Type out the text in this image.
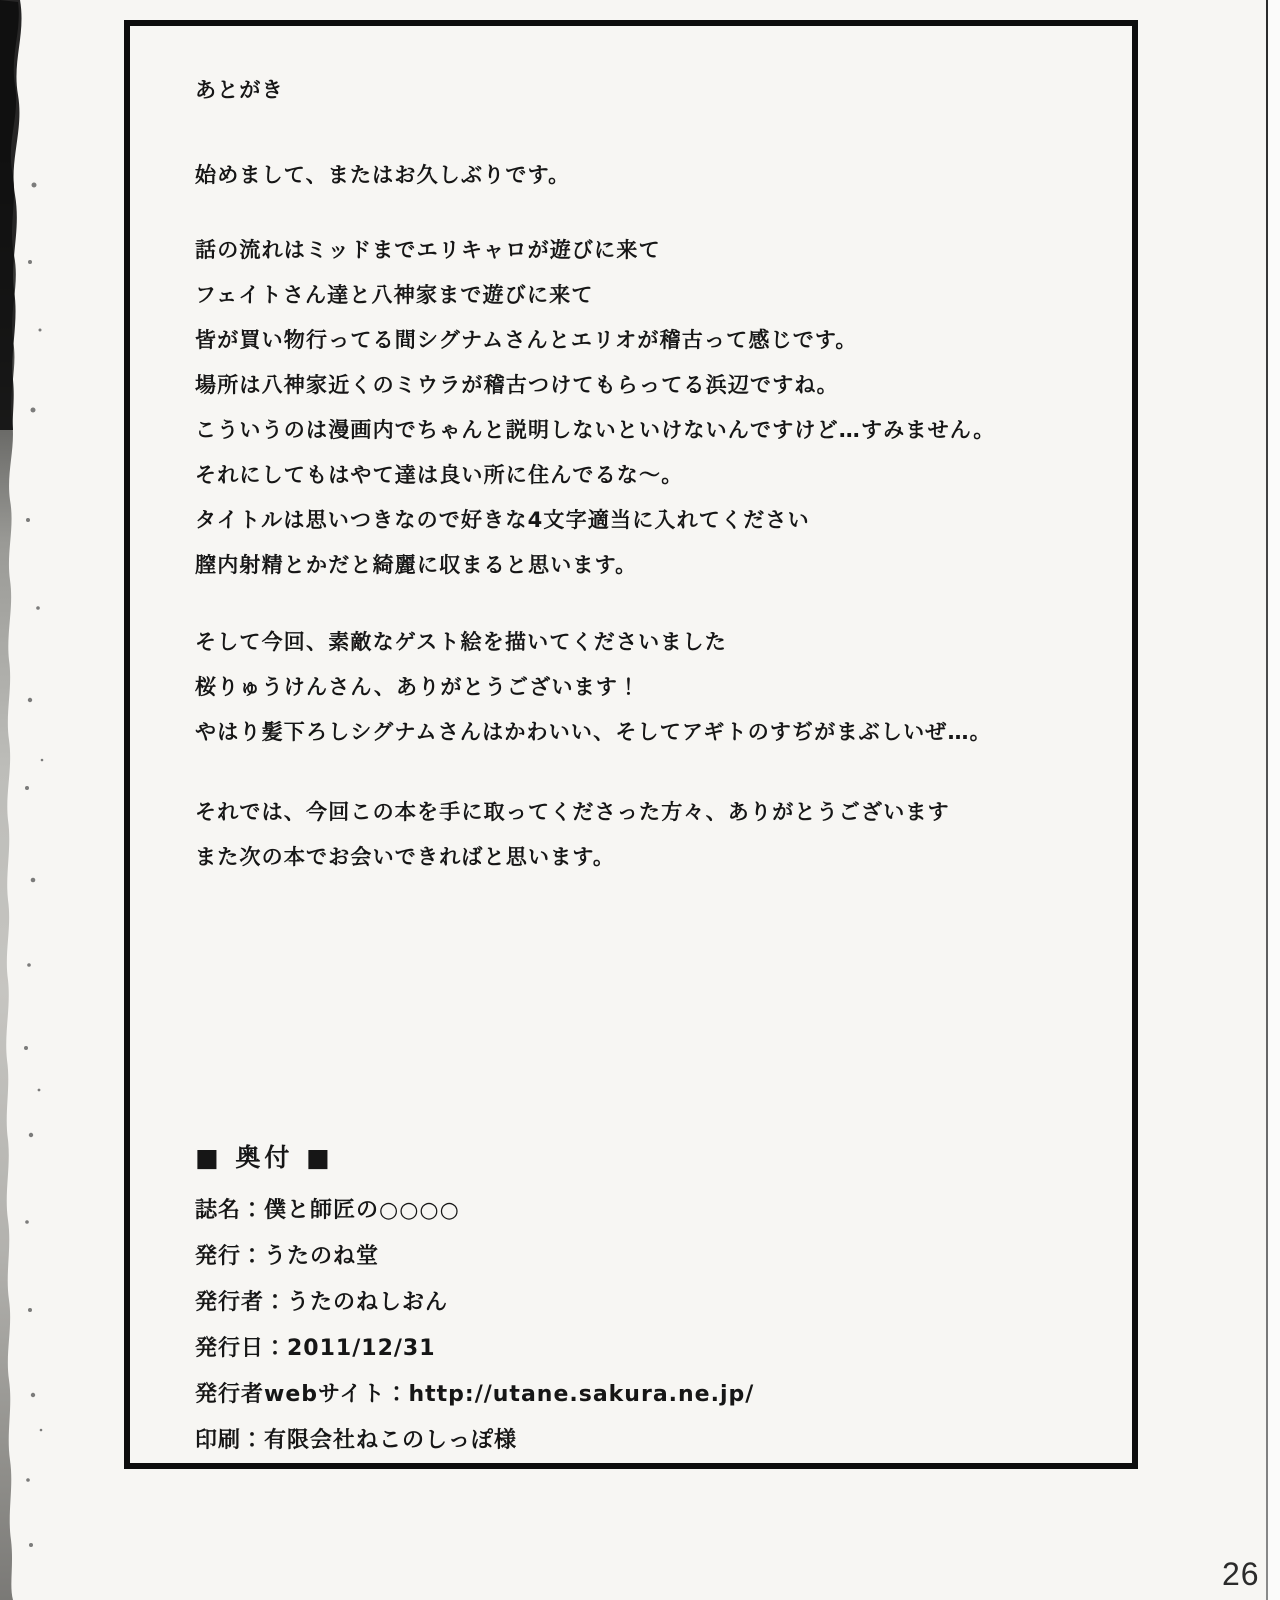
あとがき
始めまして、またはお久しぶりです。
話の流れはミッドまでエリキャロが遊びに来て
フェイトさん達と八神家まで遊びに来て
皆が買い物行ってる間シグナムさんとエリオが稽古って感じです。
場所は八神家近くのミウラが稽古つけてもらってる浜辺ですね。
こういうのは漫画内でちゃんと説明しないといけないんですけど…すみません。
それにしてもはやて達は良い所に住んでるな～。
タイトルは思いつきなので好きな4文字適当に入れてください
膣内射精とかだと綺麗に収まると思います。
そして今回、素敵なゲスト絵を描いてくださいました
桜りゅうけんさん、ありがとうございます！
やはり髪下ろしシグナムさんはかわいい、そしてアギトのすぢがまぶしいぜ…。
それでは、今回この本を手に取ってくださった方々、ありがとうございます
また次の本でお会いできればと思います。
■ 奥付 ■
誌名：僕と師匠の○○○○
発行：うたのね堂
発行者：うたのねしおん
発行日：2011/12/31
発行者webサイト：http://utane.sakura.ne.jp/
印刷：有限会社ねこのしっぽ様
26
